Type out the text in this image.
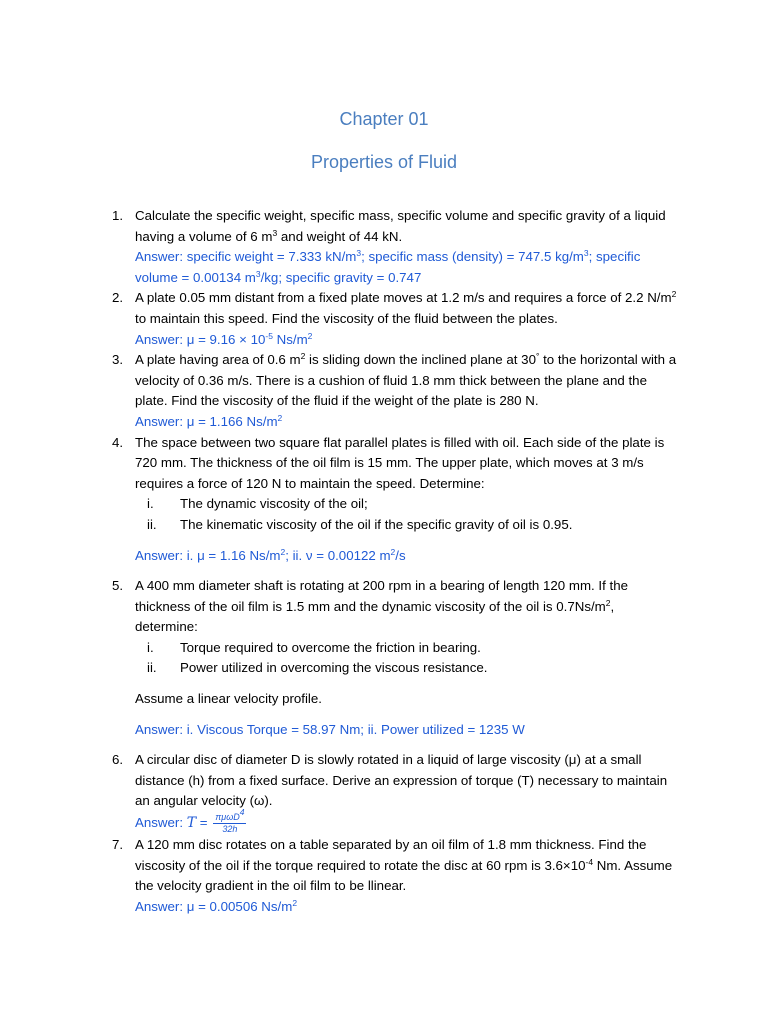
Chapter 01
Properties of Fluid
1. Calculate the specific weight, specific mass, specific volume and specific gravity of a liquid having a volume of 6 $m^3$ and weight of 44 kN.
Answer: specific weight = 7.333 $kN/m^3$; specific mass (density) = 747.5 $kg/m^3$; specific volume = 0.00134 $m^3/kg$; specific gravity = 0.747
2. A plate 0.05 mm distant from a fixed plate moves at 1.2 m/s and requires a force of 2.2 $N/m^2$ to maintain this speed. Find the viscosity of the fluid between the plates.
Answer: $\mu = 9.16 \times 10^{-5}$ $Ns/m^2$
3. A plate having area of 0.6 $m^2$ is sliding down the inclined plane at 30° to the horizontal with a velocity of 0.36 m/s. There is a cushion of fluid 1.8 mm thick between the plane and the plate. Find the viscosity of the fluid if the weight of the plate is 280 N.
Answer: μ = 1.166 $Ns/m^2$
4. The space between two square flat parallel plates is filled with oil. Each side of the plate is 720 mm. The thickness of the oil film is 15 mm. The upper plate, which moves at 3 m/s requires a force of 120 N to maintain the speed. Determine:
i. The dynamic viscosity of the oil;
ii. The kinematic viscosity of the oil if the specific gravity of oil is 0.95.
Answer: i. μ = 1.16 $Ns/m^2$; ii. ν = 0.00122 $m^2/s$
5. A 400 mm diameter shaft is rotating at 200 rpm in a bearing of length 120 mm. If the thickness of the oil film is 1.5 mm and the dynamic viscosity of the oil is $0.7Ns/m^2$, determine:
i. Torque required to overcome the friction in bearing.
ii. Power utilized in overcoming the viscous resistance.
Assume a linear velocity profile.
Answer: i. Viscous Torque = 58.97 Nm; ii. Power utilized = 1235 W
6. A circular disc of diameter D is slowly rotated in a liquid of large viscosity (μ) at a small distance (h) from a fixed surface. Derive an expression of torque (T) necessary to maintain an angular velocity (ω).
Answer: $T = \frac{\pi\mu\omega D^4}{32h}$
7. A 120 mm disc rotates on a table separated by an oil film of 1.8 mm thickness. Find the viscosity of the oil if the torque required to rotate the disc at 60 rpm is $3.6\times 10^{-4}$ Nm. Assume the velocity gradient in the oil film to be llinear.
Answer: μ = 0.00506 $Ns/m^2$
